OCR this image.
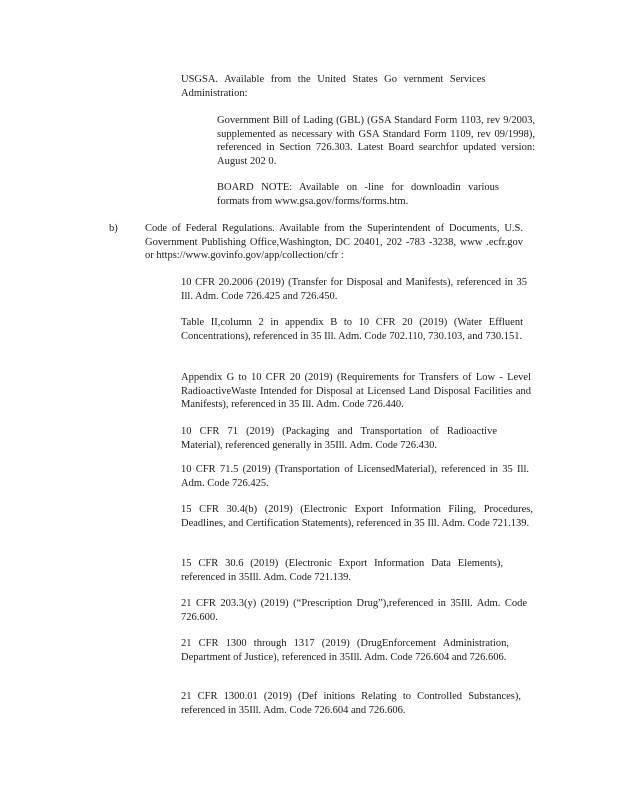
USGSA. Available from the United States Go vernment Services Administration:

Government Bill of Lading (GBL) (GSA Standard Form 1103, rev 9/2003, supplemented as necessary with GSA Standard Form 1109, rev 09/1998), referenced in Section 726.303. Latest Board searchfor updated version: August 202 0.

BOARD NOTE: Available on -line for downloadin various formats from www.gsa.gov/forms/forms.htm.

b)	Code of Federal Regulations. Available from the Superintendent of Documents, U.S. Government Publishing Office,Washington, DC 20401, 202 -783 -3238, www .ecfr.gov or https://www.govinfo.gov/app/collection/cfr :

10 CFR 20.2006 (2019) (Transfer for Disposal and Manifests), referenced in 35 Ill. Adm. Code 726.425 and 726.450.

Table II,column 2 in appendix B to 10 CFR 20 (2019) (Water Effluent Concentrations), referenced in 35 Ill. Adm. Code 702.110, 730.103, and 730.151.

Appendix G to 10 CFR 20 (2019) (Requirements for Transfers of Low - Level RadioactiveWaste Intended for Disposal at Licensed Land Disposal Facilities and Manifests), referenced in 35 Ill. Adm. Code 726.440.

10 CFR 71 (2019) (Packaging and Transportation of Radioactive Material), referenced generally in 35Ill. Adm. Code 726.430.

10 CFR 71.5 (2019) (Transportation of LicensedMaterial), referenced in 35 Ill. Adm. Code 726.425.

15 CFR 30.4(b) (2019) (Electronic Export Information Filing, Procedures, Deadlines, and Certification Statements), referenced in 35 Ill. Adm. Code 721.139.

15 CFR 30.6 (2019) (Electronic Export Information Data Elements), referenced in 35Ill. Adm. Code 721.139.

21 CFR 203.3(y) (2019) (“Prescription Drug”),referenced in 35Ill. Adm. Code 726.600.

21 CFR 1300 through 1317 (2019) (DrugEnforcement Administration, Department of Justice), referenced in 35Ill. Adm. Code 726.604 and 726.606.

21 CFR 1300.01 (2019) (Def initions Relating to Controlled Substances), referenced in 35Ill. Adm. Code 726.604 and 726.606.
